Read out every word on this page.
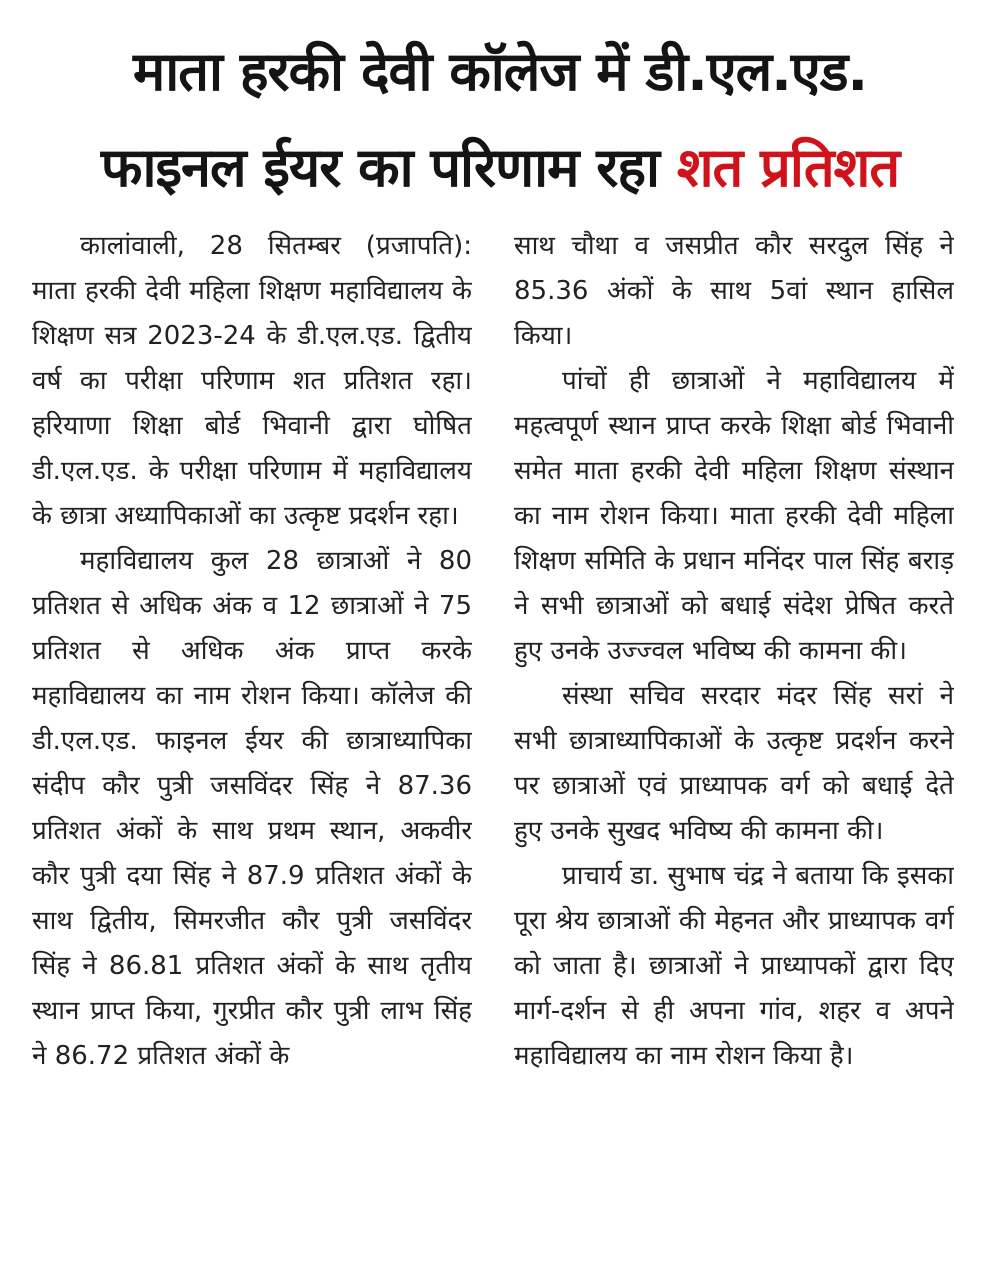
माता हरकी देवी कॉलेज में डी.एल.एड.
फाइनल ईयर का परिणाम रहा शत प्रतिशत

कालांवाली, 28 सितम्बर (प्रजापति): माता हरकी देवी महिला शिक्षण महाविद्यालय के शिक्षण सत्र 2023-24 के डी.एल.एड. द्वितीय वर्ष का परीक्षा परिणाम शत प्रतिशत रहा। हरियाणा शिक्षा बोर्ड भिवानी द्वारा घोषित डी.एल.एड. के परीक्षा परिणाम में महाविद्यालय के छात्रा अध्यापिकाओं का उत्कृष्ट प्रदर्शन रहा।

महाविद्यालय कुल 28 छात्राओं ने 80 प्रतिशत से अधिक अंक व 12 छात्राओं ने 75 प्रतिशत से अधिक अंक प्राप्त करके महाविद्यालय का नाम रोशन किया। कॉलेज की डी.एल.एड. फाइनल ईयर की छात्राध्यापिका संदीप कौर पुत्री जसविंदर सिंह ने 87.36 प्रतिशत अंकों के साथ प्रथम स्थान, अकवीर कौर पुत्री दया सिंह ने 87.9 प्रतिशत अंकों के साथ द्वितीय, सिमरजीत कौर पुत्री जसविंदर सिंह ने 86.81 प्रतिशत अंकों के साथ तृतीय स्थान प्राप्त किया, गुरप्रीत कौर पुत्री लाभ सिंह ने 86.72 प्रतिशत अंकों के

साथ चौथा व जसप्रीत कौर सरदुल सिंह ने 85.36 अंकों के साथ 5वां स्थान हासिल किया।

पांचों ही छात्राओं ने महाविद्यालय में महत्वपूर्ण स्थान प्राप्त करके शिक्षा बोर्ड भिवानी समेत माता हरकी देवी महिला शिक्षण संस्थान का नाम रोशन किया। माता हरकी देवी महिला शिक्षण समिति के प्रधान मनिंदर पाल सिंह बराड़ ने सभी छात्राओं को बधाई संदेश प्रेषित करते हुए उनके उज्ज्वल भविष्य की कामना की।

संस्था सचिव सरदार मंदर सिंह सरां ने सभी छात्राध्यापिकाओं के उत्कृष्ट प्रदर्शन करने पर छात्राओं एवं प्राध्यापक वर्ग को बधाई देते हुए उनके सुखद भविष्य की कामना की।

प्राचार्य डा. सुभाष चंद्र ने बताया कि इसका पूरा श्रेय छात्राओं की मेहनत और प्राध्यापक वर्ग को जाता है। छात्राओं ने प्राध्यापकों द्वारा दिए मार्ग-दर्शन से ही अपना गांव, शहर व अपने महाविद्यालय का नाम रोशन किया है।
